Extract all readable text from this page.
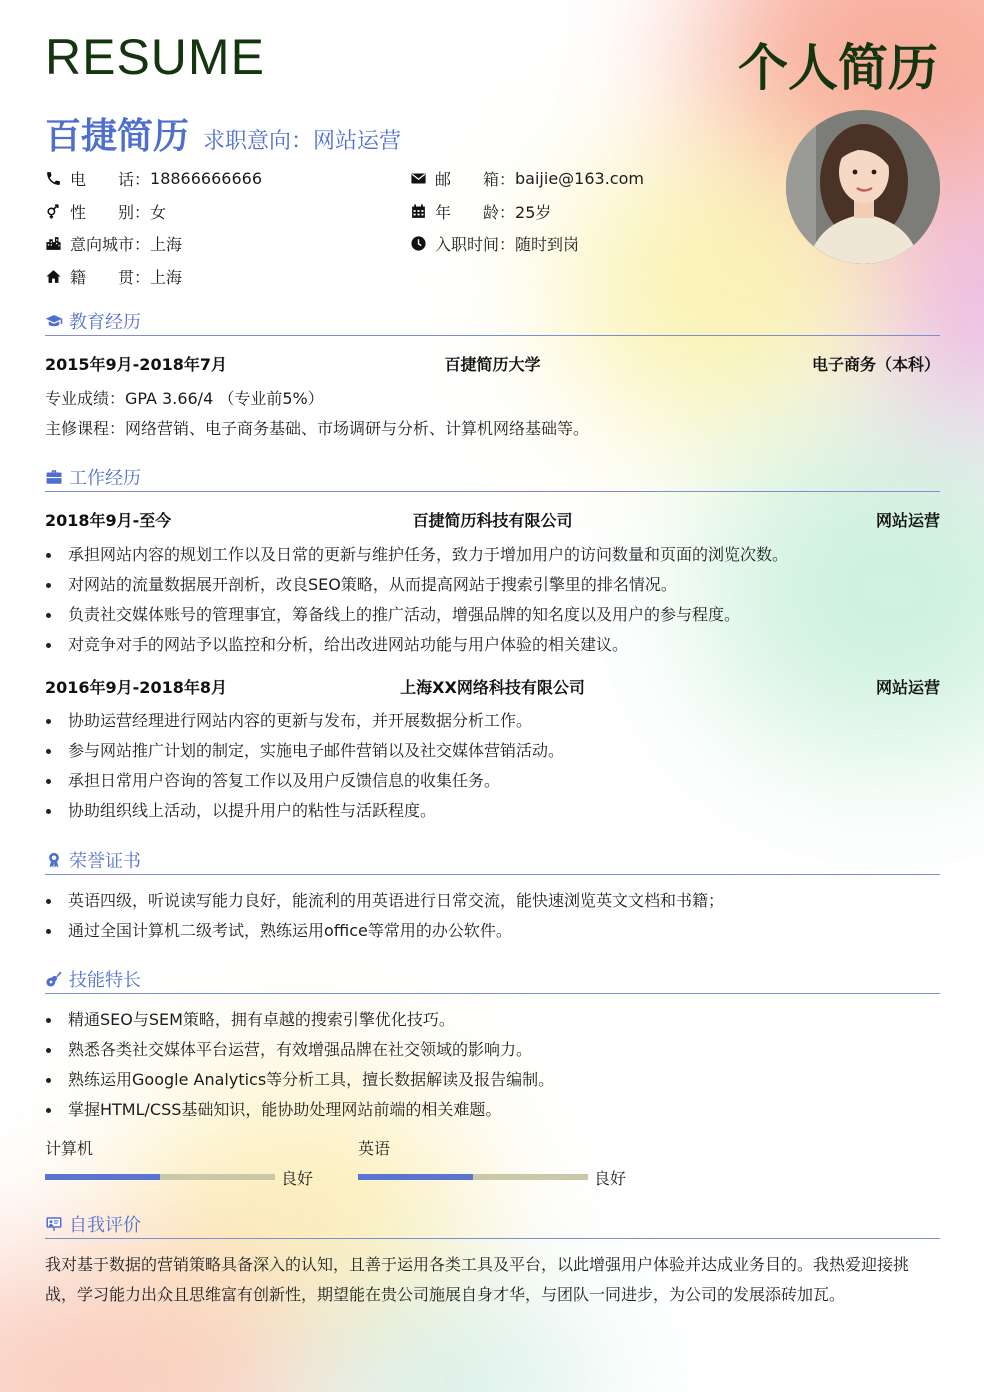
RESUME	个人简历
百捷简历 求职意向：网站运营
电　　话： 18866666666	邮　　箱： baijie@163.com
性　　别： 女	年　　龄： 25岁
意向城市： 上海	入职时间： 随时到岗
籍　　贯： 上海
教育经历
2015年9月-2018年7月	百捷简历大学	电子商务（本科）
专业成绩：GPA 3.66/4 （专业前5%）
主修课程：网络营销、电子商务基础、市场调研与分析、计算机网络基础等。
工作经历
2018年9月-至今	百捷简历科技有限公司	网站运营
承担网站内容的规划工作以及日常的更新与维护任务，致力于增加用户的访问数量和页面的浏览次数。
对网站的流量数据展开剖析，改良SEO策略，从而提高网站于搜索引擎里的排名情况。
负责社交媒体账号的管理事宜，筹备线上的推广活动，增强品牌的知名度以及用户的参与程度。
对竞争对手的网站予以监控和分析，给出改进网站功能与用户体验的相关建议。
2016年9月-2018年8月	上海XX网络科技有限公司	网站运营
协助运营经理进行网站内容的更新与发布，并开展数据分析工作。
参与网站推广计划的制定，实施电子邮件营销以及社交媒体营销活动。
承担日常用户咨询的答复工作以及用户反馈信息的收集任务。
协助组织线上活动，以提升用户的粘性与活跃程度。
荣誉证书
英语四级，听说读写能力良好，能流利的用英语进行日常交流，能快速浏览英文文档和书籍；
通过全国计算机二级考试，熟练运用office等常用的办公软件。
技能特长
精通SEO与SEM策略，拥有卓越的搜索引擎优化技巧。
熟悉各类社交媒体平台运营，有效增强品牌在社交领域的影响力。
熟练运用Google Analytics等分析工具，擅长数据解读及报告编制。
掌握HTML/CSS基础知识，能协助处理网站前端的相关难题。
计算机
良好
英语
良好
自我评价
我对基于数据的营销策略具备深入的认知，且善于运用各类工具及平台，以此增强用户体验并达成业务目的。我热爱迎接挑战，学习能力出众且思维富有创新性，期望能在贵公司施展自身才华，与团队一同进步，为公司的发展添砖加瓦。
